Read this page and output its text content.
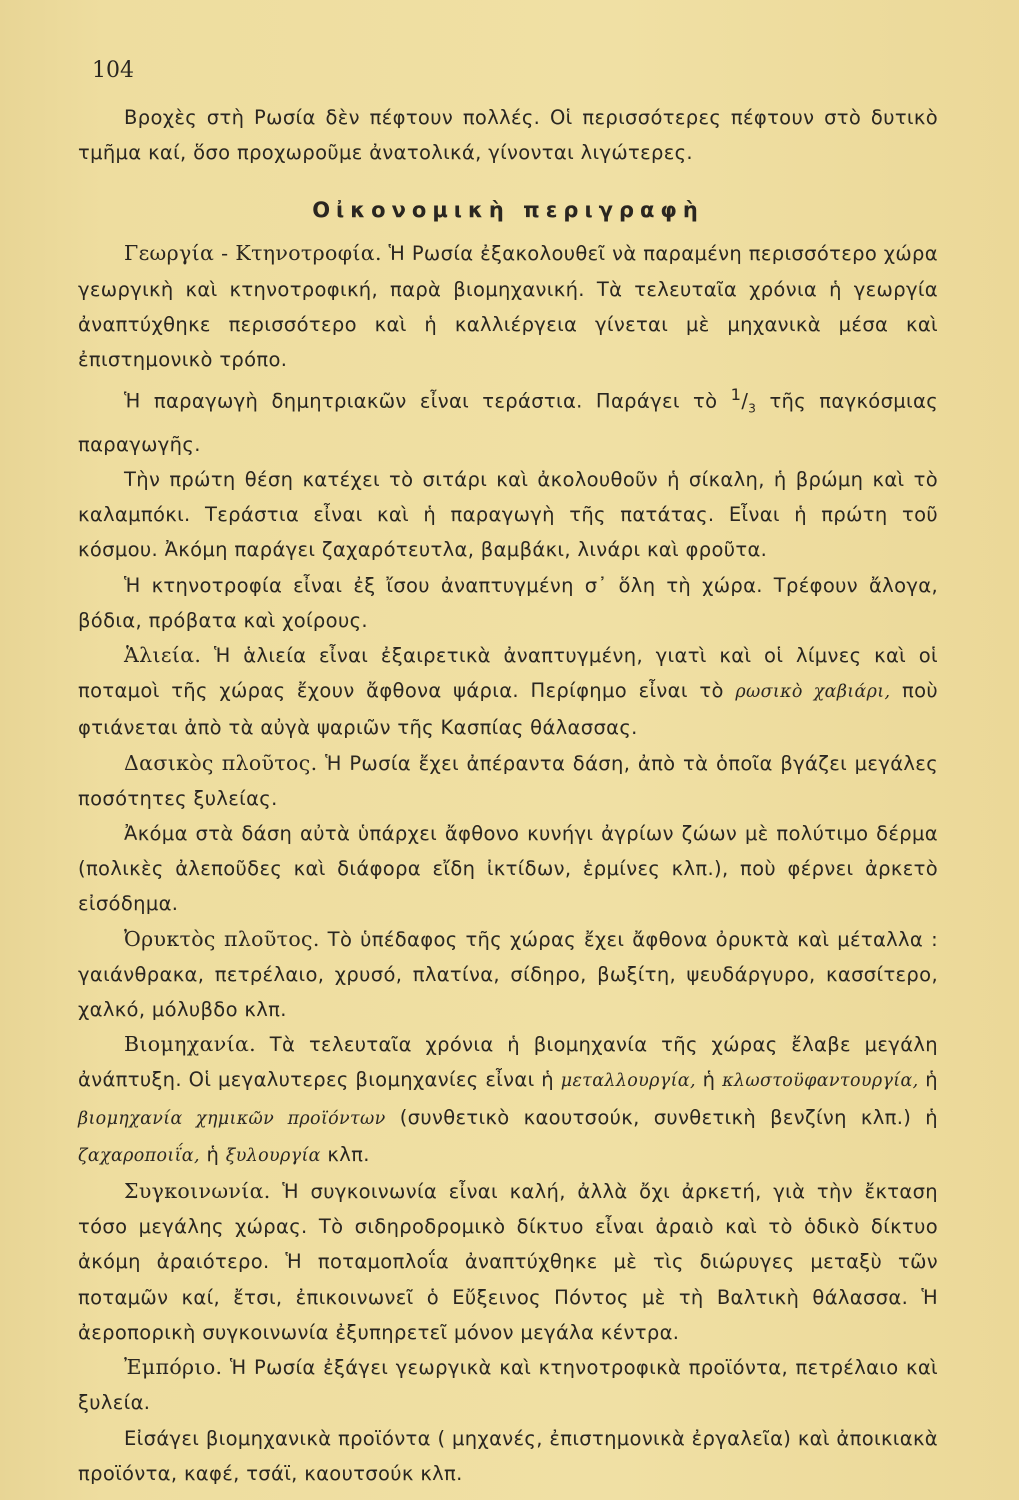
104

Βροχὲς στὴ Ρωσία δὲν πέφτουν πολλές. Οἱ περισσότερες πέφτουν στὸ δυτικὸ τμῆμα καί, ὅσο προχωροῦμε ἀνατολικά, γίνονται λιγώτερες.

Οἰκονομικὴ περιγραφὴ

Γεωργία - Κτηνοτροφία. Ἡ Ρωσία ἐξακολουθεῖ νὰ παραμένη περισσότερο χώρα γεωργικὴ καὶ κτηνοτροφική, παρὰ βιομηχανική. Τὰ τελευταῖα χρόνια ἡ γεωργία ἀναπτύχθηκε περισσότερο καὶ ἡ καλλιέργεια γίνεται μὲ μηχανικὰ μέσα καὶ ἐπιστημονικὸ τρόπο.

Ἡ παραγωγὴ δημητριακῶν εἶναι τεράστια. Παράγει τὸ $^1/_3$ τῆς παγκόσμιας παραγωγῆς.

Τὴν πρώτη θέση κατέχει τὸ σιτάρι καὶ ἀκολουθοῦν ἡ σίκαλη, ἡ βρώμη καὶ τὸ καλαμπόκι. Τεράστια εἶναι καὶ ἡ παραγωγὴ τῆς πατάτας. Εἶναι ἡ πρώτη τοῦ κόσμου. Ἀκόμη παράγει ζαχαρότευτλα, βαμβάκι, λινάρι καὶ φροῦτα.

Ἡ κτηνοτροφία εἶναι ἐξ ἴσου ἀναπτυγμένη σ᾿ ὅλη τὴ χώρα. Τρέφουν ἄλογα, βόδια, πρόβατα καὶ χοίρους.

Ἁλιεία. Ἡ ἁλιεία εἶναι ἐξαιρετικὰ ἀναπτυγμένη, γιατὶ καὶ οἱ λίμνες καὶ οἱ ποταμοὶ τῆς χώρας ἔχουν ἄφθονα ψάρια. Περίφημο εἶναι τὸ ρωσικὸ χαβιάρι, ποὺ φτιάνεται ἀπὸ τὰ αὐγὰ ψαριῶν τῆς Κασπίας θάλασσας.

Δασικὸς πλοῦτος. Ἡ Ρωσία ἔχει ἀπέραντα δάση, ἀπὸ τὰ ὁποῖα βγάζει μεγάλες ποσότητες ξυλείας.

Ἀκόμα στὰ δάση αὐτὰ ὑπάρχει ἄφθονο κυνήγι ἀγρίων ζώων μὲ πολύτιμο δέρμα (πολικὲς ἀλεποῦδες καὶ διάφορα εἴδη ἰκτίδων, ἑρμίνες κλπ.), ποὺ φέρνει ἀρκετὸ εἰσόδημα.

Ὀρυκτὸς πλοῦτος. Τὸ ὑπέδαφος τῆς χώρας ἔχει ἄφθονα ὀρυκτὰ καὶ μέταλλα : γαιάνθρακα, πετρέλαιο, χρυσό, πλατίνα, σίδηρο, βωξίτη, ψευδάργυρο, κασσίτερο, χαλκό, μόλυβδο κλπ.

Βιομηχανία. Τὰ τελευταῖα χρόνια ἡ βιομηχανία τῆς χώρας ἔλαβε μεγάλη ἀνάπτυξη. Οἱ μεγαλυτερες βιομηχανίες εἶναι ἡ μεταλλουργία, ἡ κλωστοϋφαντουργία, ἡ βιομηχανία χημικῶν προϊόντων (συνθετικὸ καουτσούκ, συνθετικὴ βενζίνη κλπ.) ἡ ζαχαροποιΐα, ἡ ξυλουργία κλπ.

Συγκοινωνία. Ἡ συγκοινωνία εἶναι καλή, ἀλλὰ ὄχι ἀρκετή, γιὰ τὴν ἔκταση τόσο μεγάλης χώρας. Τὸ σιδηροδρομικὸ δίκτυο εἶναι ἀραιὸ καὶ τὸ ὁδικὸ δίκτυο ἀκόμη ἀραιότερο. Ἡ ποταμοπλοΐα ἀναπτύχθηκε μὲ τὶς διώρυγες μεταξὺ τῶν ποταμῶν καί, ἔτσι, ἐπικοινωνεῖ ὁ Εὔξεινος Πόντος μὲ τὴ Βαλτικὴ θάλασσα. Ἡ ἀεροπορικὴ συγκοινωνία ἐξυπηρετεῖ μόνον μεγάλα κέντρα.

Ἐμπόριο. Ἡ Ρωσία ἐξάγει γεωργικὰ καὶ κτηνοτροφικὰ προϊόντα, πετρέλαιο καὶ ξυλεία.

Εἰσάγει βιομηχανικὰ προϊόντα ( μηχανές, ἐπιστημονικὰ ἐργαλεῖα) καὶ ἀποικιακὰ προϊόντα, καφέ, τσάϊ, καουτσούκ κλπ.
